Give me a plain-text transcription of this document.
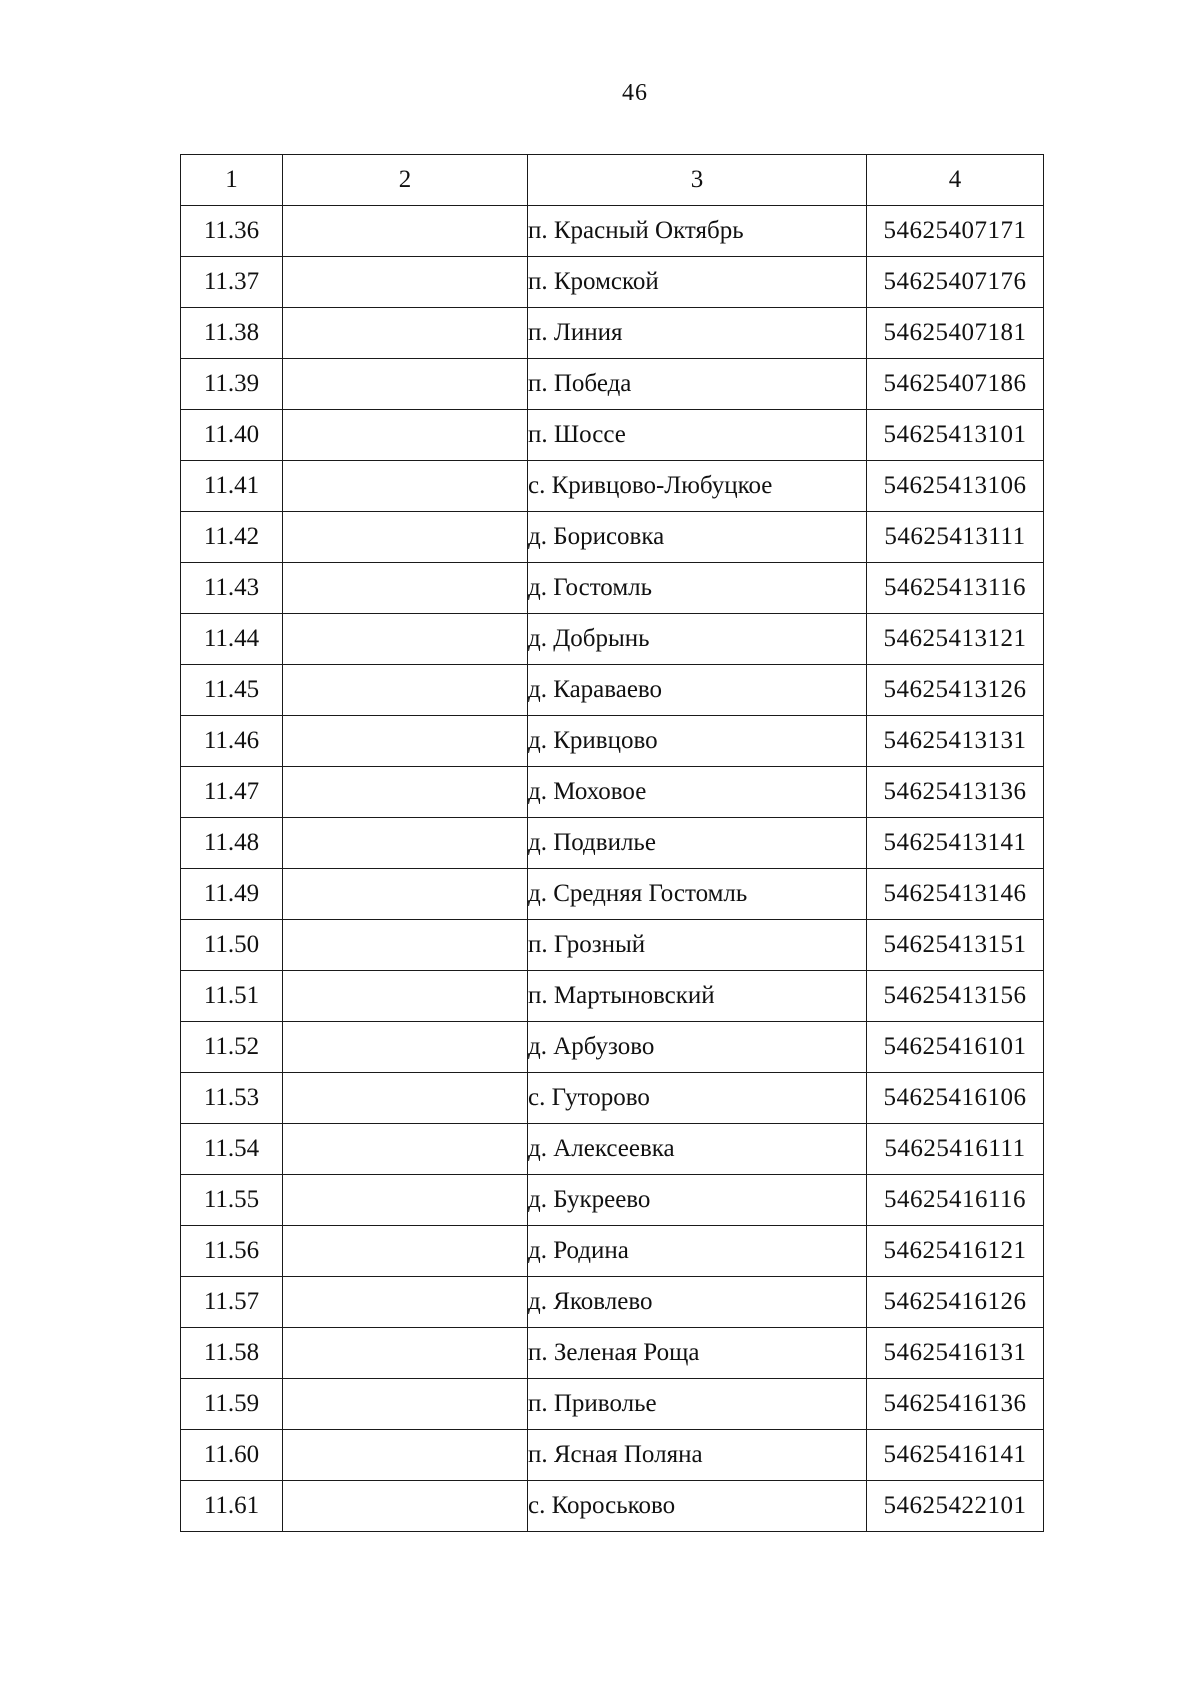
46
1	2	3	4
11.36		п. Красный Октябрь	54625407171
11.37		п. Кромской	54625407176
11.38		п. Линия	54625407181
11.39		п. Победа	54625407186
11.40		п. Шоссе	54625413101
11.41		с. Кривцово-Любуцкое	54625413106
11.42		д. Борисовка	54625413111
11.43		д. Гостомль	54625413116
11.44		д. Добрынь	54625413121
11.45		д. Караваево	54625413126
11.46		д. Кривцово	54625413131
11.47		д. Моховое	54625413136
11.48		д. Подвилье	54625413141
11.49		д. Средняя Гостомль	54625413146
11.50		п. Грозный	54625413151
11.51		п. Мартыновский	54625413156
11.52		д. Арбузово	54625416101
11.53		с. Гуторово	54625416106
11.54		д. Алексеевка	54625416111
11.55		д. Букреево	54625416116
11.56		д. Родина	54625416121
11.57		д. Яковлево	54625416126
11.58		п. Зеленая Роща	54625416131
11.59		п. Приволье	54625416136
11.60		п. Ясная Поляна	54625416141
11.61		с. Короськово	54625422101
